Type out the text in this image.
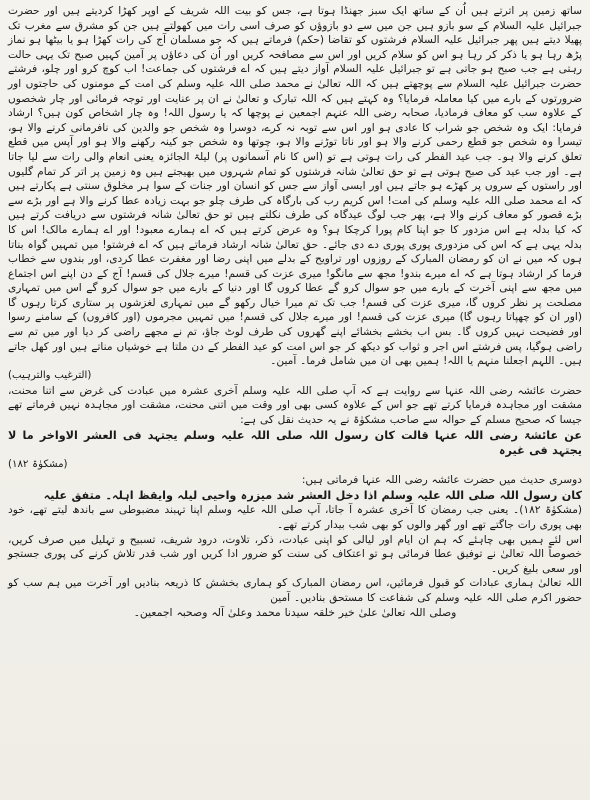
ساتھ زمین پر اترتے ہیں اُن کے ساتھ ایک سبز جھنڈا ہوتا ہے، جس کو بیت اللہ شریف کے اوپر کھڑا کردیتے ہیں اور حضرت جبرائیل علیہ السلام کے سو بازو ہیں جن میں سے دو بازوؤں کو صرف اسی رات میں کھولتے ہیں جن کو مشرق سے مغرب تک پھیلا دیتے ہیں پھر جبرائیل علیہ السلام فرشتوں کو تقاضا (حکم) فرماتے ہیں کہ جو مسلمان آج کی رات کھڑا ہو یا بیٹھا ہو نماز پڑھ رہا ہو یا ذکر کر رہا ہو اس کو سلام کریں اور اس سے مصافحہ کریں اور اُن کی دعاؤں پر آمین کہیں صبح تک یہی حالت رہتی ہے جب صبح ہو جاتی ہے تو جبرائیل علیہ السلام آواز دیتے ہیں کہ اے فرشتوں کی جماعت! اب کوچ کرو اور چلو، فرشتے حضرت جبرائیل علیہ السلام سے پوچھتے ہیں کہ اللہ تعالیٰ نے محمد صلی اللہ علیہ وسلم کی امت کے مومنوں کی حاجتوں اور ضرورتوں کے بارے میں کیا معاملہ فرمایا؟ وہ کہتے ہیں کہ اللہ تبارک و تعالیٰ نے ان پر عنایت اور توجہ فرمائی اور چار شخصوں کے علاوہ سب کو معاف فرمادیا، صحابہ رضی اللہ عنہم اجمعین نے پوچھا کہ یا رسول اللہ! وہ چار اشخاص کون ہیں؟ ارشاد فرمایا: ایک وہ شخص جو شراب کا عادی ہو اور اس سے توبہ نہ کرے، دوسرا وہ شخص جو والدین کی نافرمانی کرنے والا ہو، تیسرا وہ شخص جو قطع رحمی کرنے والا ہو اور ناتا توڑنے والا ہو، چوتھا وہ شخص جو کینہ رکھنے والا ہو اور آپس میں قطع تعلق کرنے والا ہو۔ جب عید الفطر کی رات ہوتی ہے تو (اس کا نام آسمانوں پر) لیلۃ الجائزہ یعنی انعام والی رات سے لیا جاتا ہے۔ اور جب عید کی صبح ہوتی ہے تو حق تعالیٰ شانہ فرشتوں کو تمام شہروں میں بھیجتے ہیں وہ زمین پر اتر کر تمام گلیوں اور راستوں کے سروں پر کھڑے ہو جاتے ہیں اور ایسی آواز سے جس کو انسان اور جنات کے سوا ہر مخلوق سنتی ہے پکارتے ہیں کہ اے محمد صلی اللہ علیہ وسلم کی امت! اس کریم رب کی بارگاہ کی طرف چلو جو بہت زیادہ عطا کرنے والا ہے اور بڑے سے بڑے قصور کو معاف کرنے والا ہے، پھر جب لوگ عیدگاہ کی طرف نکلتے ہیں تو حق تعالیٰ شانہ فرشتوں سے دریافت کرتے ہیں کہ کیا بدلہ ہے اس مزدور کا جو اپنا کام پورا کرچکا ہو؟ وہ عرض کرتے ہیں کہ اے ہمارے معبود! اور اے ہمارے مالک! اس کا بدلہ یہی ہے کہ اس کی مزدوری پوری پوری دے دی جائے۔ حق تعالیٰ شانہ ارشاد فرماتے ہیں کہ اے فرشتو! میں تمہیں گواہ بناتا ہوں کہ میں نے ان کو رمضان المبارک کے روزوں اور تراویح کے بدلے میں اپنی رضا اور مغفرت عطا کردی، اور بندوں سے خطاب فرما کر ارشاد ہوتا ہے کہ اے میرے بندو! مجھ سے مانگو! میری عزت کی قسم! میرے جلال کی قسم! آج کے دن اپنے اس اجتماع میں مجھ سے اپنی آخرت کے بارے میں جو سوال کرو گے عطا کروں گا اور دنیا کے بارے میں جو سوال کرو گے اس میں تمہاری مصلحت پر نظر کروں گا، میری عزت کی قسم! جب تک تم میرا خیال رکھو گے میں تمہاری لغزشوں پر ستاری کرتا رہوں گا (اور ان کو چھپاتا رہوں گا) میری عزت کی قسم! اور میرے جلال کی قسم! میں تمہیں مجرموں (اور کافروں) کے سامنے رسوا اور فضیحت نہیں کروں گا۔ بس اب بخشے بخشائے اپنے گھروں کی طرف لوٹ جاؤ، تم نے مجھے راضی کر دیا اور میں تم سے راضی ہوگیا، پس فرشتے اس اجر و ثواب کو دیکھ کر جو اس امت کو عید الفطر کے دن ملتا ہے خوشیاں مناتے ہیں اور کھل جاتے ہیں۔ اللہم اجعلنا منہم یا اللہ! ہمیں بھی ان میں شامل فرما۔ آمین۔

(الترغیب والترہیب)

حضرت عائشہ رضی اللہ عنہا سے روایت ہے کہ آپ صلی اللہ علیہ وسلم آخری عشرہ میں عبادت کی غرض سے اتنا محنت، مشقت اور مجاہدہ فرمایا کرتے تھے جو اس کے علاوہ کسی بھی اور وقت میں اتنی محنت، مشقت اور مجاہدہ نہیں فرماتے تھے جیسا کہ صحیح مسلم کے حوالہ سے صاحب مشکوٰۃ نے یہ حدیث نقل کی ہے:

عن عائشۃ رضی اللہ عنہا قالت کان رسول اللہ صلی اللہ علیہ وسلم یجتہد فی العشر الاواخر ما لا یجتہد فی غیرہ

(مشکوٰۃ ۱۸۲)

دوسری حدیث میں حضرت عائشہ رضی اللہ عنہا فرماتی ہیں:

کان رسول اللہ صلی اللہ علیہ وسلم اذا دخل العشر شد میزرہ واحیی لیلہ وایقظ اہلہ۔ متفق علیہ

(مشکوٰۃ ۱۸۲)۔ یعنی جب رمضان کا آخری عشرہ آ جاتا، آپ صلی اللہ علیہ وسلم اپنا تہبند مضبوطی سے باندھ لیتے تھے، خود بھی پوری رات جاگتے تھے اور گھر والوں کو بھی شب بیدار کرتے تھے۔

اس لئے ہمیں بھی چاہئے کہ ہم ان ایام اور لیالی کو اپنی عبادت، ذکر، تلاوت، درود شریف، تسبیح و تہلیل میں صرف کریں، خصوصاً اللہ تعالیٰ نے توفیق عطا فرمائی ہو تو اعتکاف کی سنت کو ضرور ادا کریں اور شب قدر تلاش کرنے کی پوری جستجو اور سعی بلیغ کریں۔

اللہ تعالیٰ ہماری عبادات کو قبول فرمائیں، اس رمضان المبارک کو ہماری بخشش کا ذریعہ بنادیں اور آخرت میں ہم سب کو حضور اکرم صلی اللہ علیہ وسلم کی شفاعت کا مستحق بنادیں۔ آمین

وصلی اللہ تعالیٰ علیٰ خیر خلقہ سیدنا محمد وعلیٰ آلہ وصحبہ اجمعین۔
